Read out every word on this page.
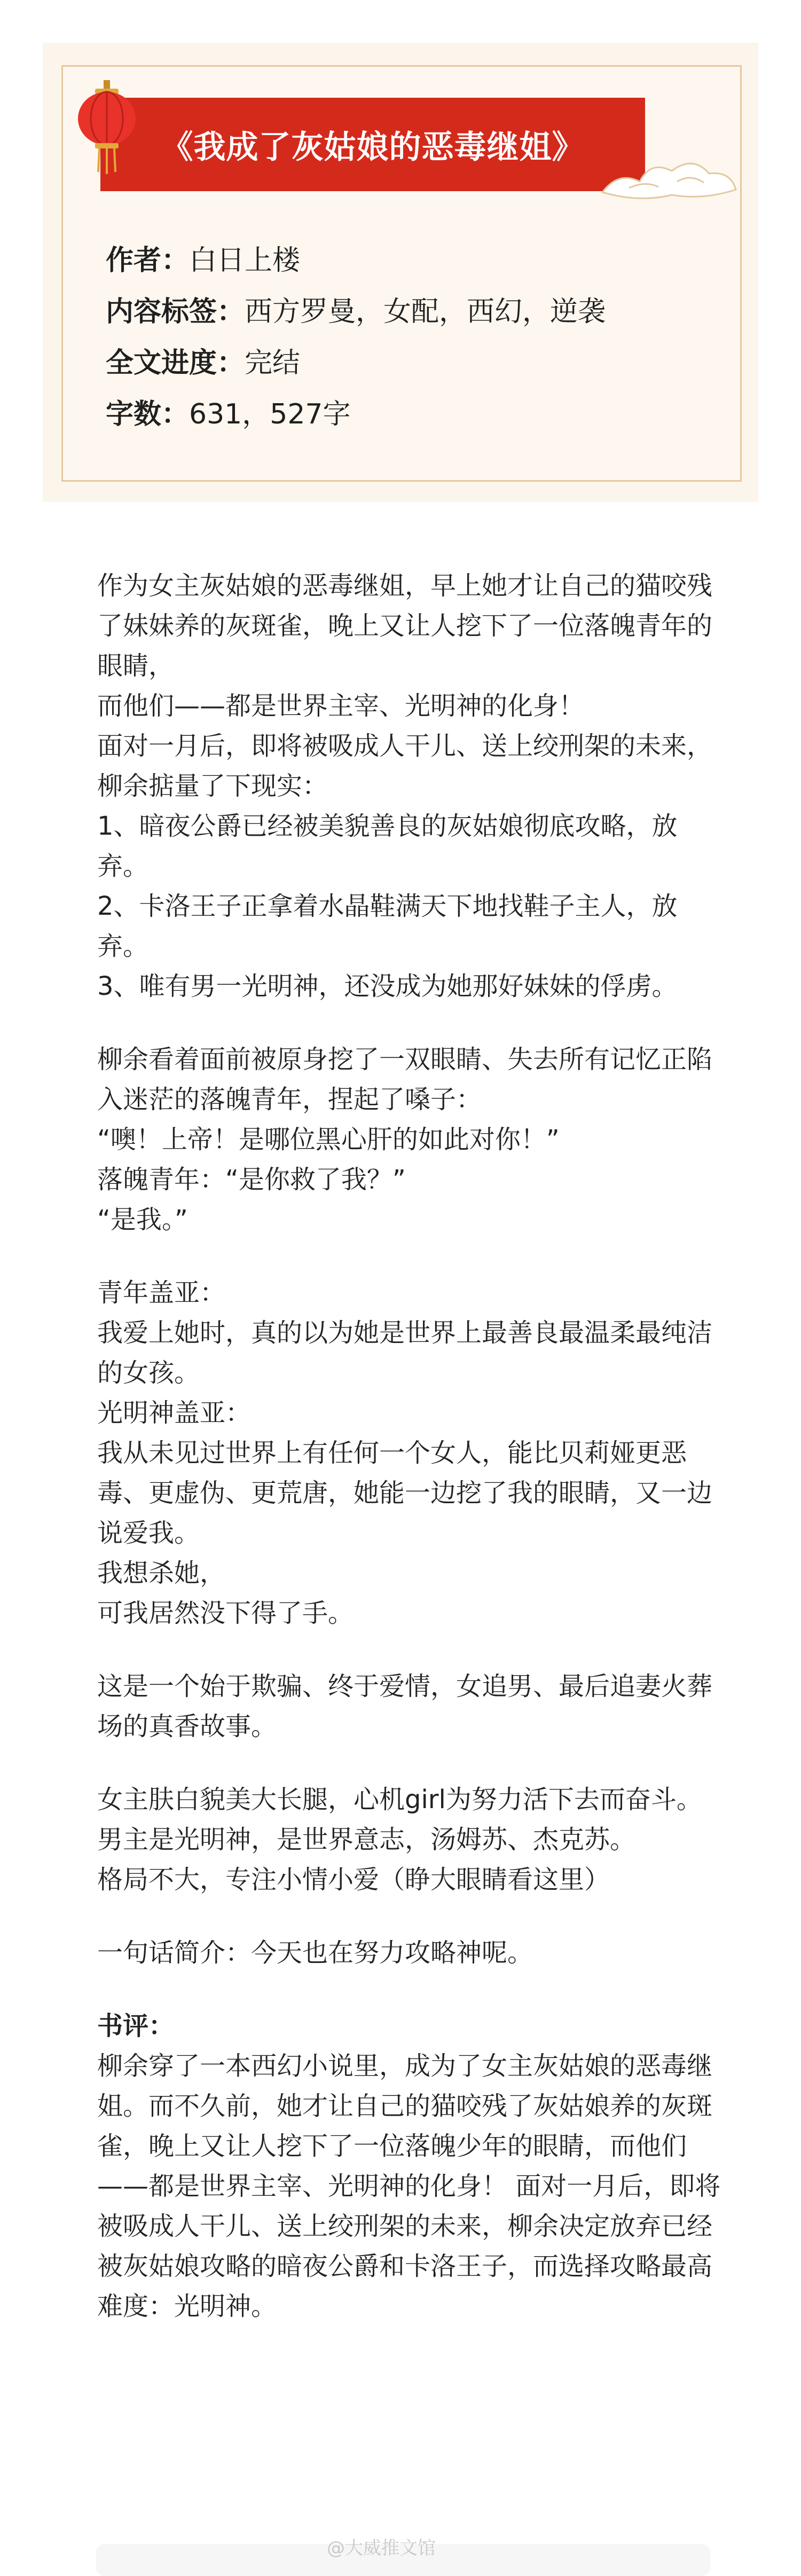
《我成了灰姑娘的恶毒继姐》
作者：白日上楼
内容标签：西方罗曼，女配，西幻，逆袭
全文进度：完结
字数：631，527字

作为女主灰姑娘的恶毒继姐，早上她才让自己的猫咬残了妹妹养的灰斑雀，晚上又让人挖下了一位落魄青年的眼睛，

而他们——都是世界主宰、光明神的化身！

面对一月后，即将被吸成人干儿、送上绞刑架的未来，柳余掂量了下现实：

1、暗夜公爵已经被美貌善良的灰姑娘彻底攻略，放弃。

2、卡洛王子正拿着水晶鞋满天下地找鞋子主人，放弃。

3、唯有男一光明神，还没成为她那好妹妹的俘虏。

柳余看着面前被原身挖了一双眼睛、失去所有记忆正陷入迷茫的落魄青年，捏起了嗓子：

“噢！上帝！是哪位黑心肝的如此对你！”

落魄青年：“是你救了我？”

“是我。”

青年盖亚：

我爱上她时，真的以为她是世界上最善良最温柔最纯洁的女孩。

光明神盖亚：

我从未见过世界上有任何一个女人，能比贝莉娅更恶毒、更虚伪、更荒唐，她能一边挖了我的眼睛，又一边说爱我。

我想杀她，

可我居然没下得了手。

这是一个始于欺骗、终于爱情，女追男、最后追妻火葬场的真香故事。

女主肤白貌美大长腿，心机girl为努力活下去而奋斗。男主是光明神，是世界意志，汤姆苏、杰克苏。

格局不大，专注小情小爱（睁大眼睛看这里）

一句话简介：今天也在努力攻略神呢。

书评：

柳余穿了一本西幻小说里，成为了女主灰姑娘的恶毒继姐。而不久前，她才让自己的猫咬残了灰姑娘养的灰斑雀，晚上又让人挖下了一位落魄少年的眼睛，而他们——都是世界主宰、光明神的化身！ 面对一月后，即将被吸成人干儿、送上绞刑架的未来，柳余决定放弃已经被灰姑娘攻略的暗夜公爵和卡洛王子，而选择攻略最高难度：光明神。

@大威推文馆
